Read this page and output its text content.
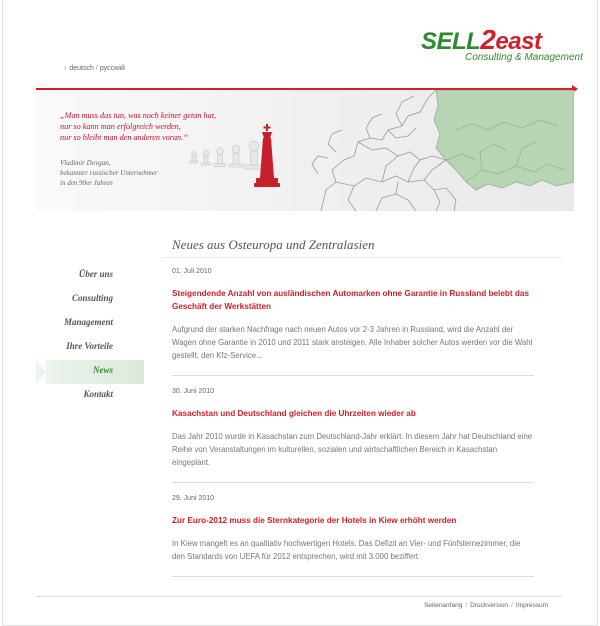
SELL2east
Consulting & Management
› deutsch / русский
„Man muss das tun, was noch keiner getan hat,
nur so kann man erfolgreich werden,
nur so bleibt man den anderen voran.“
Vladimir Dovgan,
bekannter russischer Unternehmer
in den 90er Jahren
Neues aus Osteuropa und Zentralasien
Über uns
Consulting
Management
Ihre Vorteile
News
Kontakt
01. Juli 2010
Steigendende Anzahl von ausländischen Automarken ohne Garantie in Russland belebt das Geschäft der Werkstätten
Aufgrund der starken Nachfrage nach neuen Autos vor 2-3 Jahren in Russland, wird die Anzahl der Wagen ohne Garantie in 2010 und 2011 stark ansteigen. Alle Inhaber solcher Autos werden vor die Wahl gestellt, den Kfz-Service...
30. Juni 2010
Kasachstan und Deutschland gleichen die Uhrzeiten wieder ab
Das Jahr 2010 wurde in Kasachstan zum Deutschland-Jahr erklärt. In diesem Jahr hat Deutschland eine Reihe von Veranstaltungen im kulturellen, sozialen und wirtschaftlichen Bereich in Kasachstan eingeplant.
29. Juni 2010
Zur Euro-2012 muss die Sternkategorie der Hotels in Kiew erhöht werden
In Kiew mangelt es an qualitativ hochwertigen Hotels. Das Defizit an Vier- und Fünfsternezimmer, die den Standards von UEFA für 2012 entsprechen, wird mit 3.000 beziffert
Seitenanfang / Druckversion / Impressum
